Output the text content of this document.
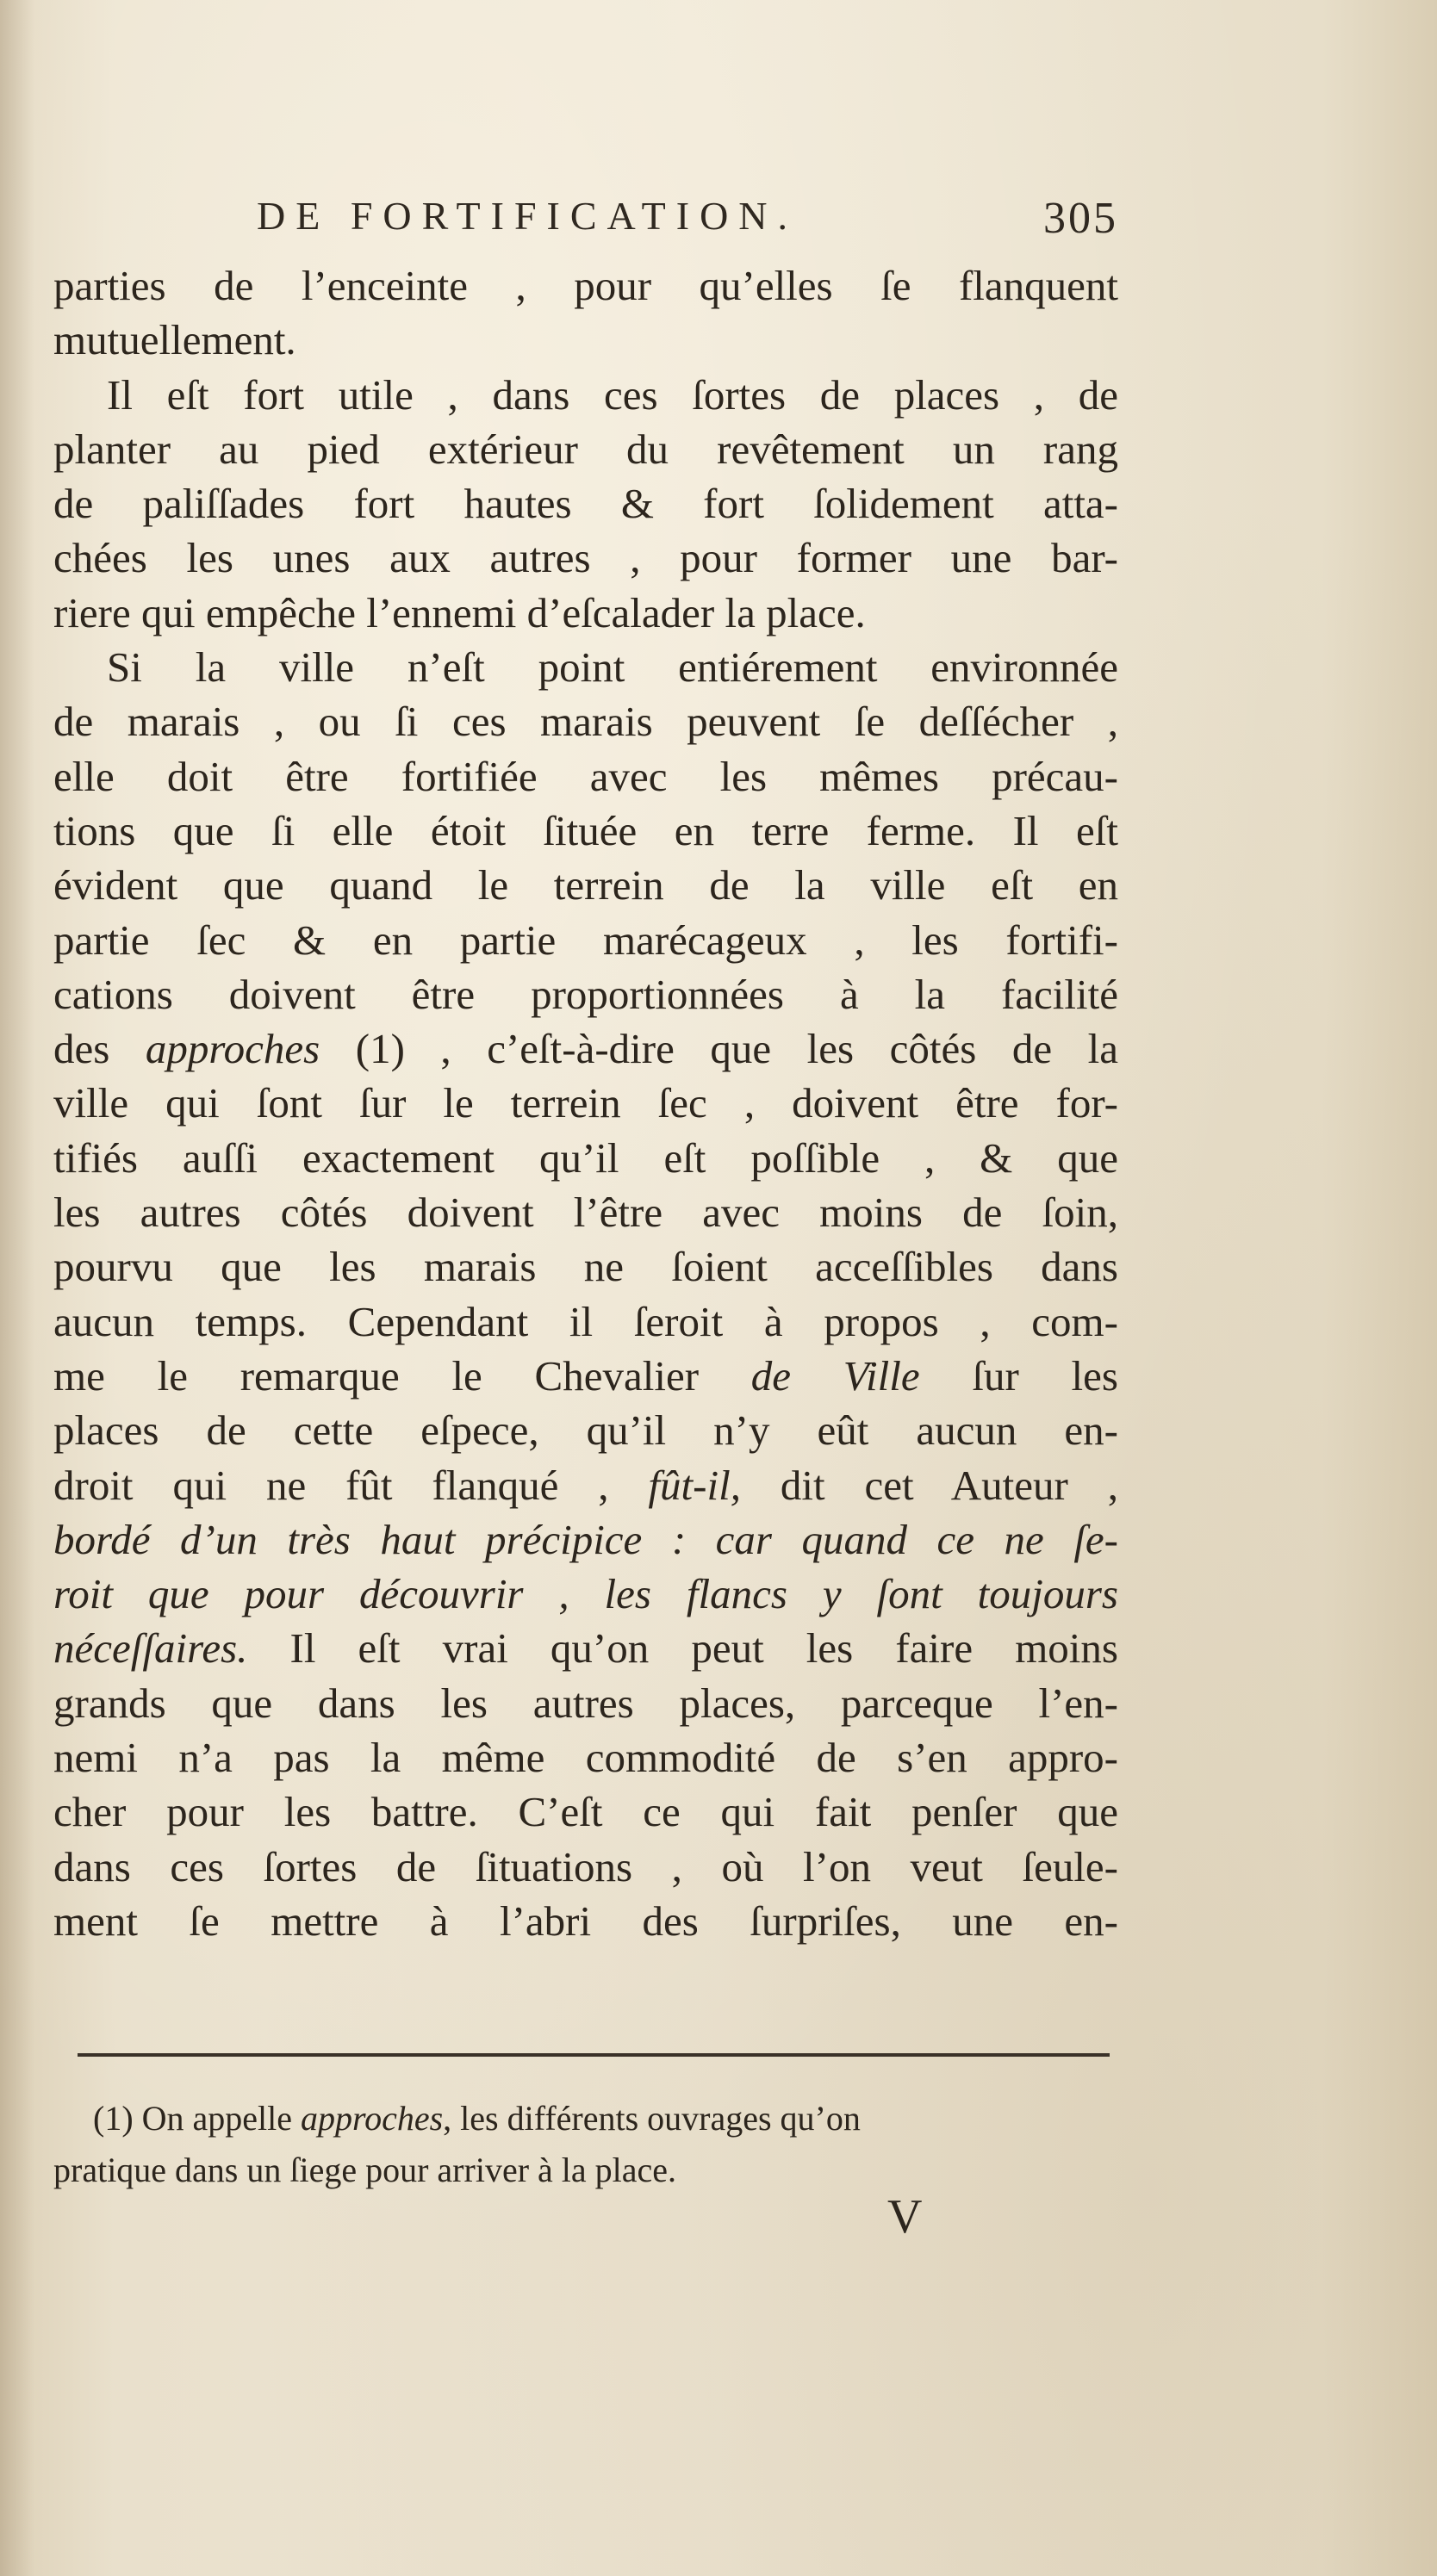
DE FORTIFICATION.	305
parties de l’enceinte , pour qu’elles ſe flanquent
mutuellement.
Il eſt fort utile , dans ces ſortes de places , de
planter au pied extérieur du revêtement un rang
de paliſſades fort hautes & fort ſolidement atta-
chées les unes aux autres , pour former une bar-
riere qui empêche l’ennemi d’eſcalader la place.
Si la ville n’eſt point entiérement environnée
de marais , ou ſi ces marais peuvent ſe deſſécher ,
elle doit être fortifiée avec les mêmes précau-
tions que ſi elle étoit ſituée en terre ferme. Il eſt
évident que quand le terrein de la ville eſt en
partie ſec & en partie marécageux , les fortifi-
cations doivent être proportionnées à la facilité
des approches (1) , c’eſt-à-dire que les côtés de la
ville qui ſont ſur le terrein ſec , doivent être for-
tifiés auſſi exactement qu’il eſt poſſible , & que
les autres côtés doivent l’être avec moins de ſoin,
pourvu que les marais ne ſoient acceſſibles dans
aucun temps. Cependant il ſeroit à propos , com-
me le remarque le Chevalier de Ville ſur les
places de cette eſpece, qu’il n’y eût aucun en-
droit qui ne fût flanqué , fût-il, dit cet Auteur ,
bordé d’un très haut précipice : car quand ce ne ſe-
roit que pour découvrir , les flancs y ſont toujours
néceſſaires. Il eſt vrai qu’on peut les faire moins
grands que dans les autres places, parceque l’en-
nemi n’a pas la même commodité de s’en appro-
cher pour les battre. C’eſt ce qui fait penſer que
dans ces ſortes de ſituations , où l’on veut ſeule-
ment ſe mettre à l’abri des ſurpriſes, une en-
(1) On appelle approches, les différents ouvrages qu’on
pratique dans un ſiege pour arriver à la place.
V
